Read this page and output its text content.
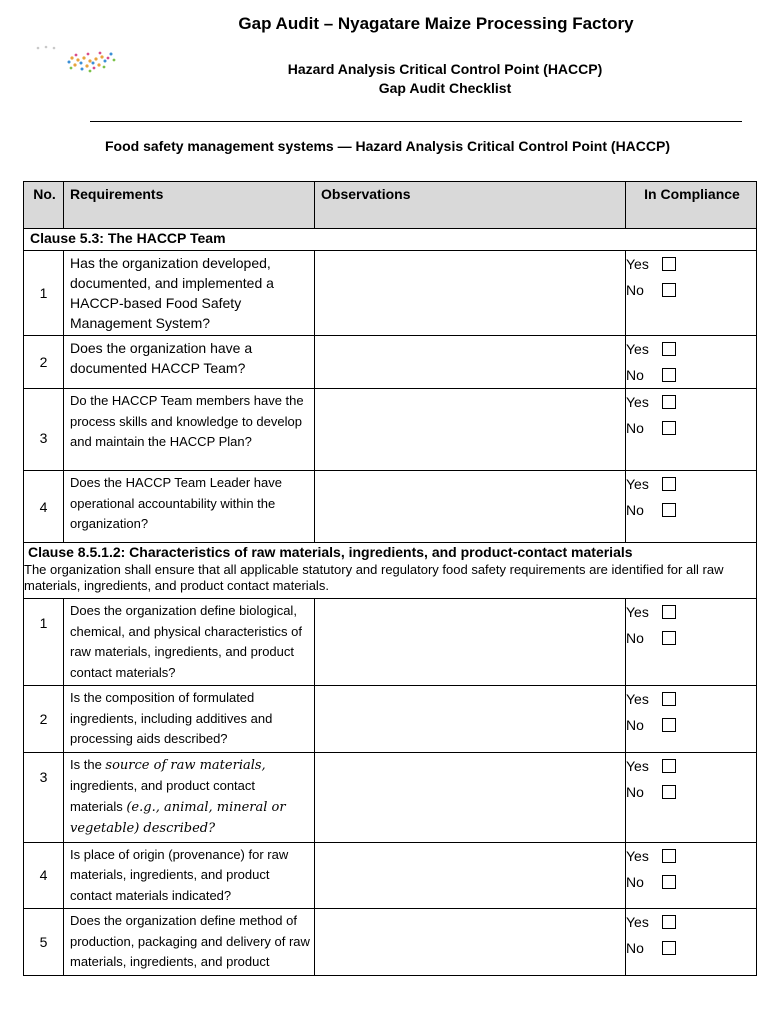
Gap Audit – Nyagatare Maize Processing Factory
Hazard Analysis Critical Control Point (HACCP)
Gap Audit Checklist
Food safety management systems — Hazard Analysis Critical Control Point (HACCP)
No.	Requirements	Observations	In Compliance
Clause 5.3: The HACCP Team			
1	Has the organization developed, documented, and implemented a HACCP-based Food Safety Management System?		Yes
No

2	Does the organization have a documented HACCP Team?		Yes
No

3	Do the HACCP Team members have the process skills and knowledge to develop and maintain the HACCP Plan?		Yes
No

4	Does the HACCP Team Leader have operational accountability within the organization?		Yes
No

Clause 8.5.1.2: Characteristics of raw materials, ingredients, and product-contact materials
The organization shall ensure that all applicable statutory and regulatory food safety requirements are identified for all raw materials, ingredients, and product contact materials.			

1	Does the organization define biological, chemical, and physical characteristics of raw materials, ingredients, and product contact materials?		Yes
No

2	Is the composition of formulated ingredients, including additives and processing aids described?		Yes
No

3	Is the source of raw materials, ingredients, and product contact materials (e.g., animal, mineral or vegetable) described?		Yes
No

4	Is place of origin (provenance) for raw materials, ingredients, and product contact materials indicated?		Yes
No

5	Does the organization define method of production, packaging and delivery of raw materials, ingredients, and product		Yes
No
